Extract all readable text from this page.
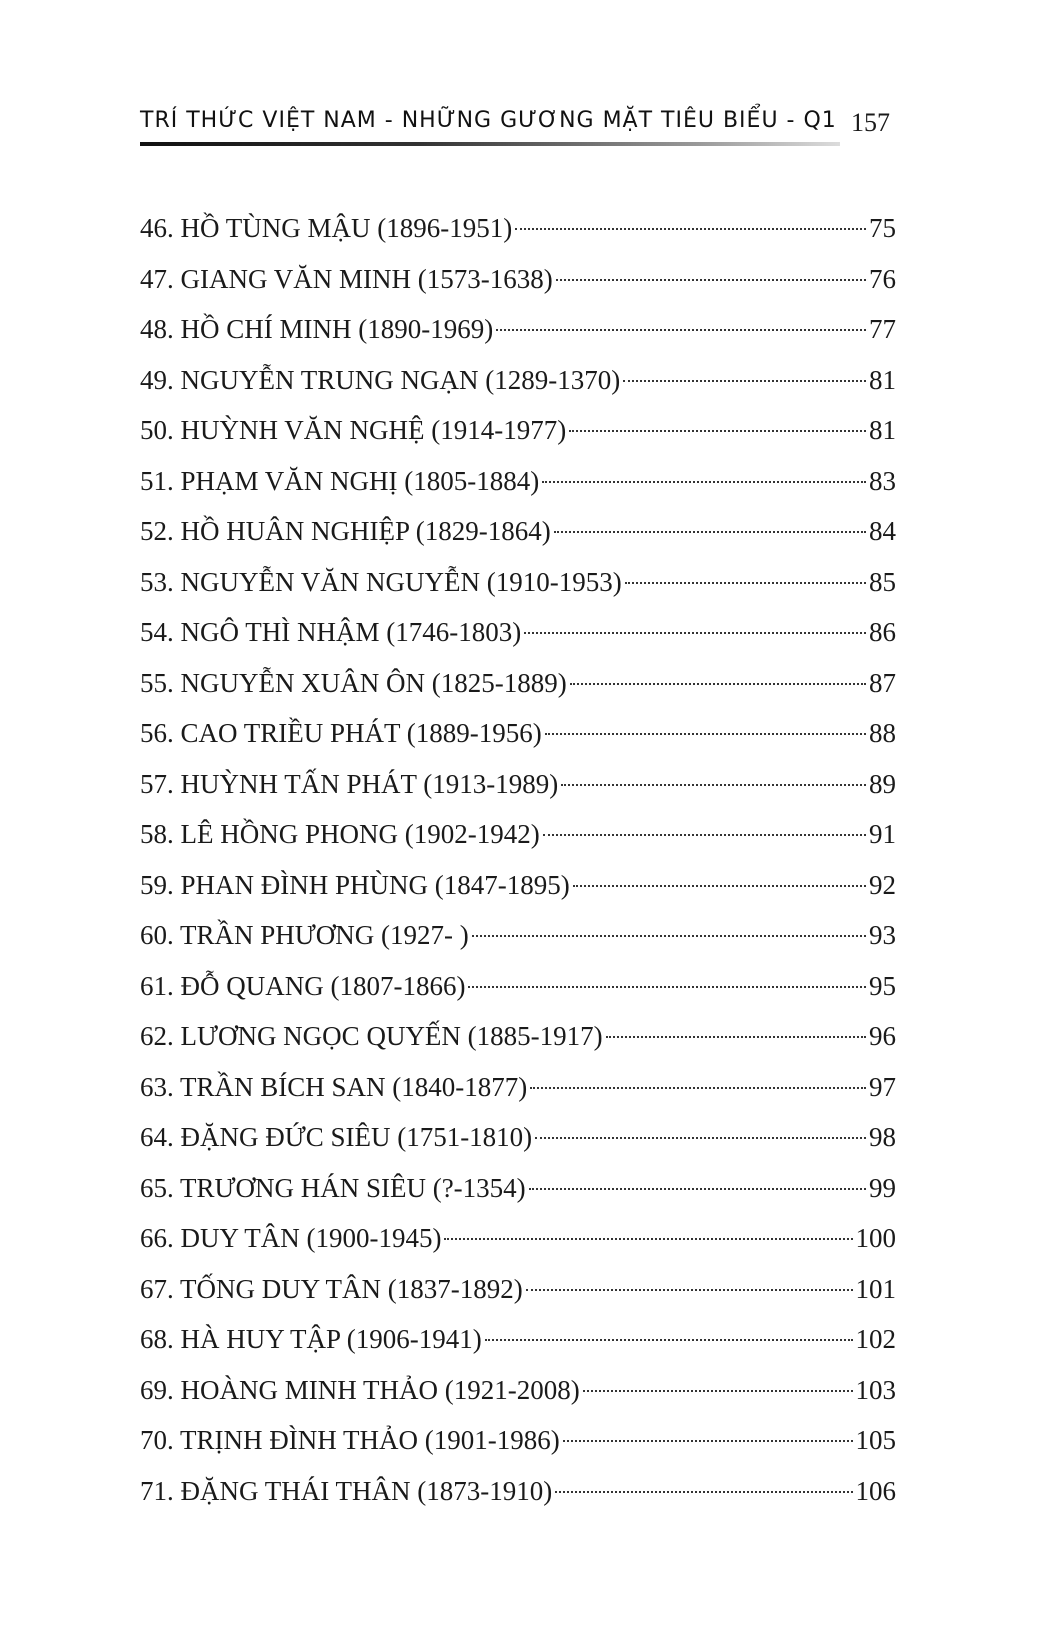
TRÍ THỨC VIỆT NAM - NHỮNG GƯƠNG MẶT TIÊU BIỂU - Q1 157
46. HỒ TÙNG MẬU (1896-1951)	75
47. GIANG VĂN MINH (1573-1638)	76
48. HỒ CHÍ MINH (1890-1969)	77
49. NGUYỄN TRUNG NGẠN (1289-1370)	81
50. HUỲNH VĂN NGHỆ (1914-1977)	81
51. PHẠM VĂN NGHỊ (1805-1884)	83
52. HỒ HUÂN NGHIỆP (1829-1864)	84
53. NGUYỄN VĂN NGUYỄN (1910-1953)	85
54. NGÔ THÌ NHẬM (1746-1803)	86
55. NGUYỄN XUÂN ÔN (1825-1889)	87
56. CAO TRIỀU PHÁT (1889-1956)	88
57. HUỲNH TẤN PHÁT (1913-1989)	89
58. LÊ HỒNG PHONG (1902-1942)	91
59. PHAN ĐÌNH PHÙNG (1847-1895)	92
60. TRẦN PHƯƠNG (1927- )	93
61. ĐỖ QUANG (1807-1866)	95
62. LƯƠNG NGỌC QUYẾN (1885-1917)	96
63. TRẦN BÍCH SAN (1840-1877)	97
64. ĐẶNG ĐỨC SIÊU (1751-1810)	98
65. TRƯƠNG HÁN SIÊU (?-1354)	99
66. DUY TÂN (1900-1945)	100
67. TỐNG DUY TÂN (1837-1892)	101
68. HÀ HUY TẬP (1906-1941)	102
69. HOÀNG MINH THẢO (1921-2008)	103
70. TRỊNH ĐÌNH THẢO (1901-1986)	105
71. ĐẶNG THÁI THÂN (1873-1910)	106
